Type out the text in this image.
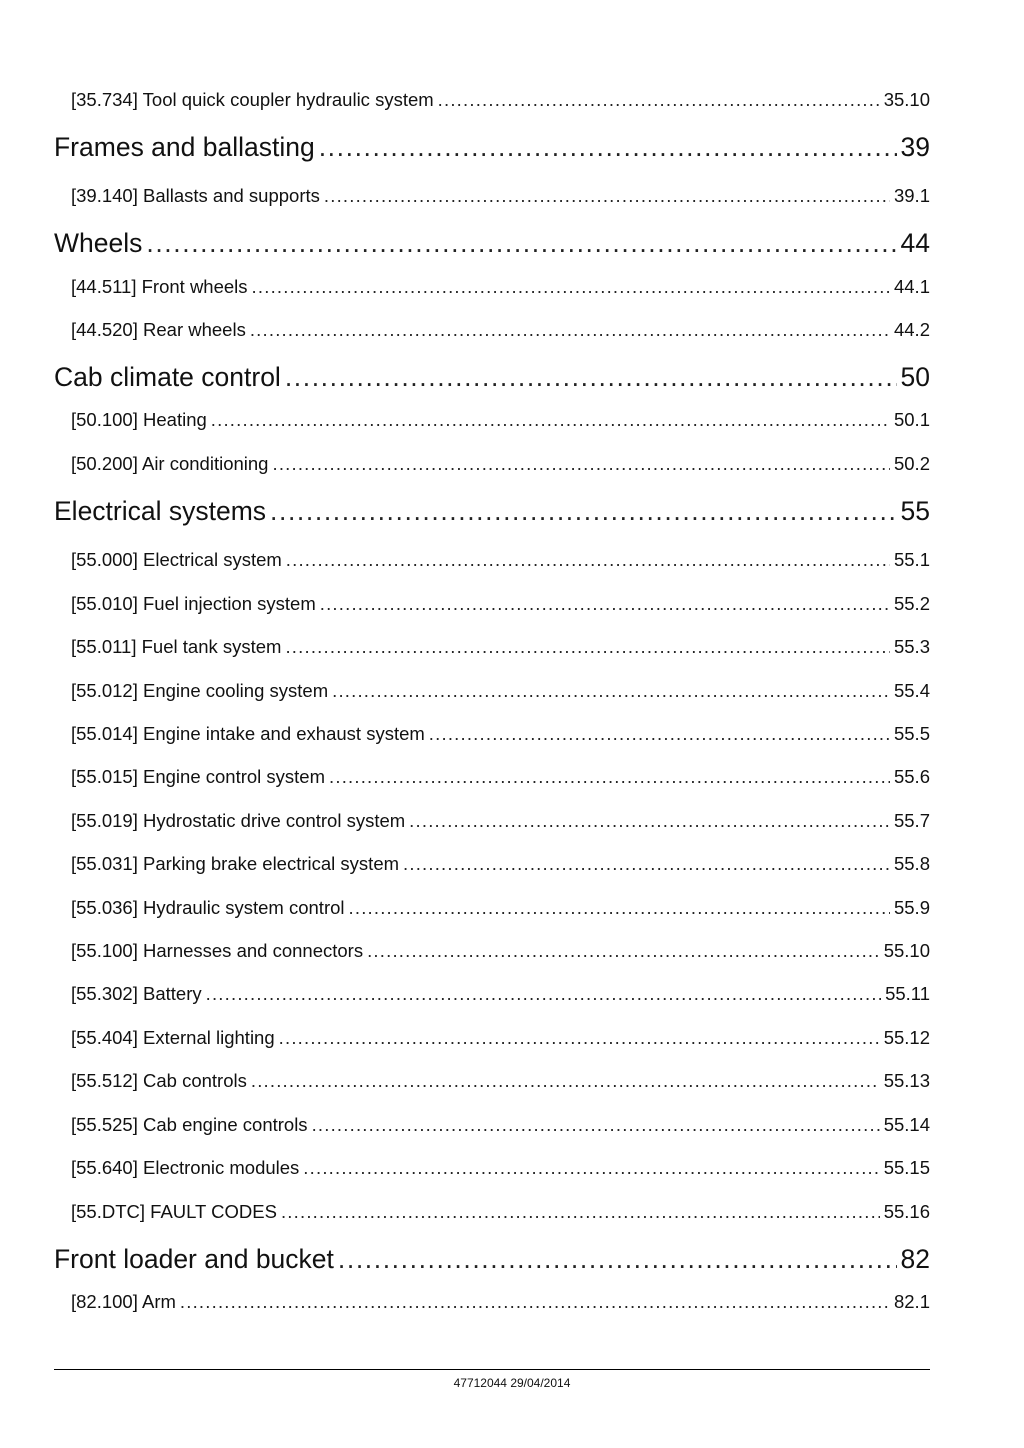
[35.734] Tool quick coupler hydraulic system .....	35.10
Frames and ballasting .....	39
[39.140] Ballasts and supports .....	39.1
Wheels .....	44
[44.511] Front wheels .....	44.1
[44.520] Rear wheels .....	44.2
Cab climate control .....	50
[50.100] Heating .....	50.1
[50.200] Air conditioning .....	50.2
Electrical systems .....	55
[55.000] Electrical system .....	55.1
[55.010] Fuel injection system .....	55.2
[55.011] Fuel tank system .....	55.3
[55.012] Engine cooling system .....	55.4
[55.014] Engine intake and exhaust system .....	55.5
[55.015] Engine control system .....	55.6
[55.019] Hydrostatic drive control system .....	55.7
[55.031] Parking brake electrical system .....	55.8
[55.036] Hydraulic system control .....	55.9
[55.100] Harnesses and connectors .....	55.10
[55.302] Battery .....	55.11
[55.404] External lighting .....	55.12
[55.512] Cab controls .....	55.13
[55.525] Cab engine controls .....	55.14
[55.640] Electronic modules .....	55.15
[55.DTC] FAULT CODES .....	55.16
Front loader and bucket .....	82
[82.100] Arm .....	82.1
47712044 29/04/2014
